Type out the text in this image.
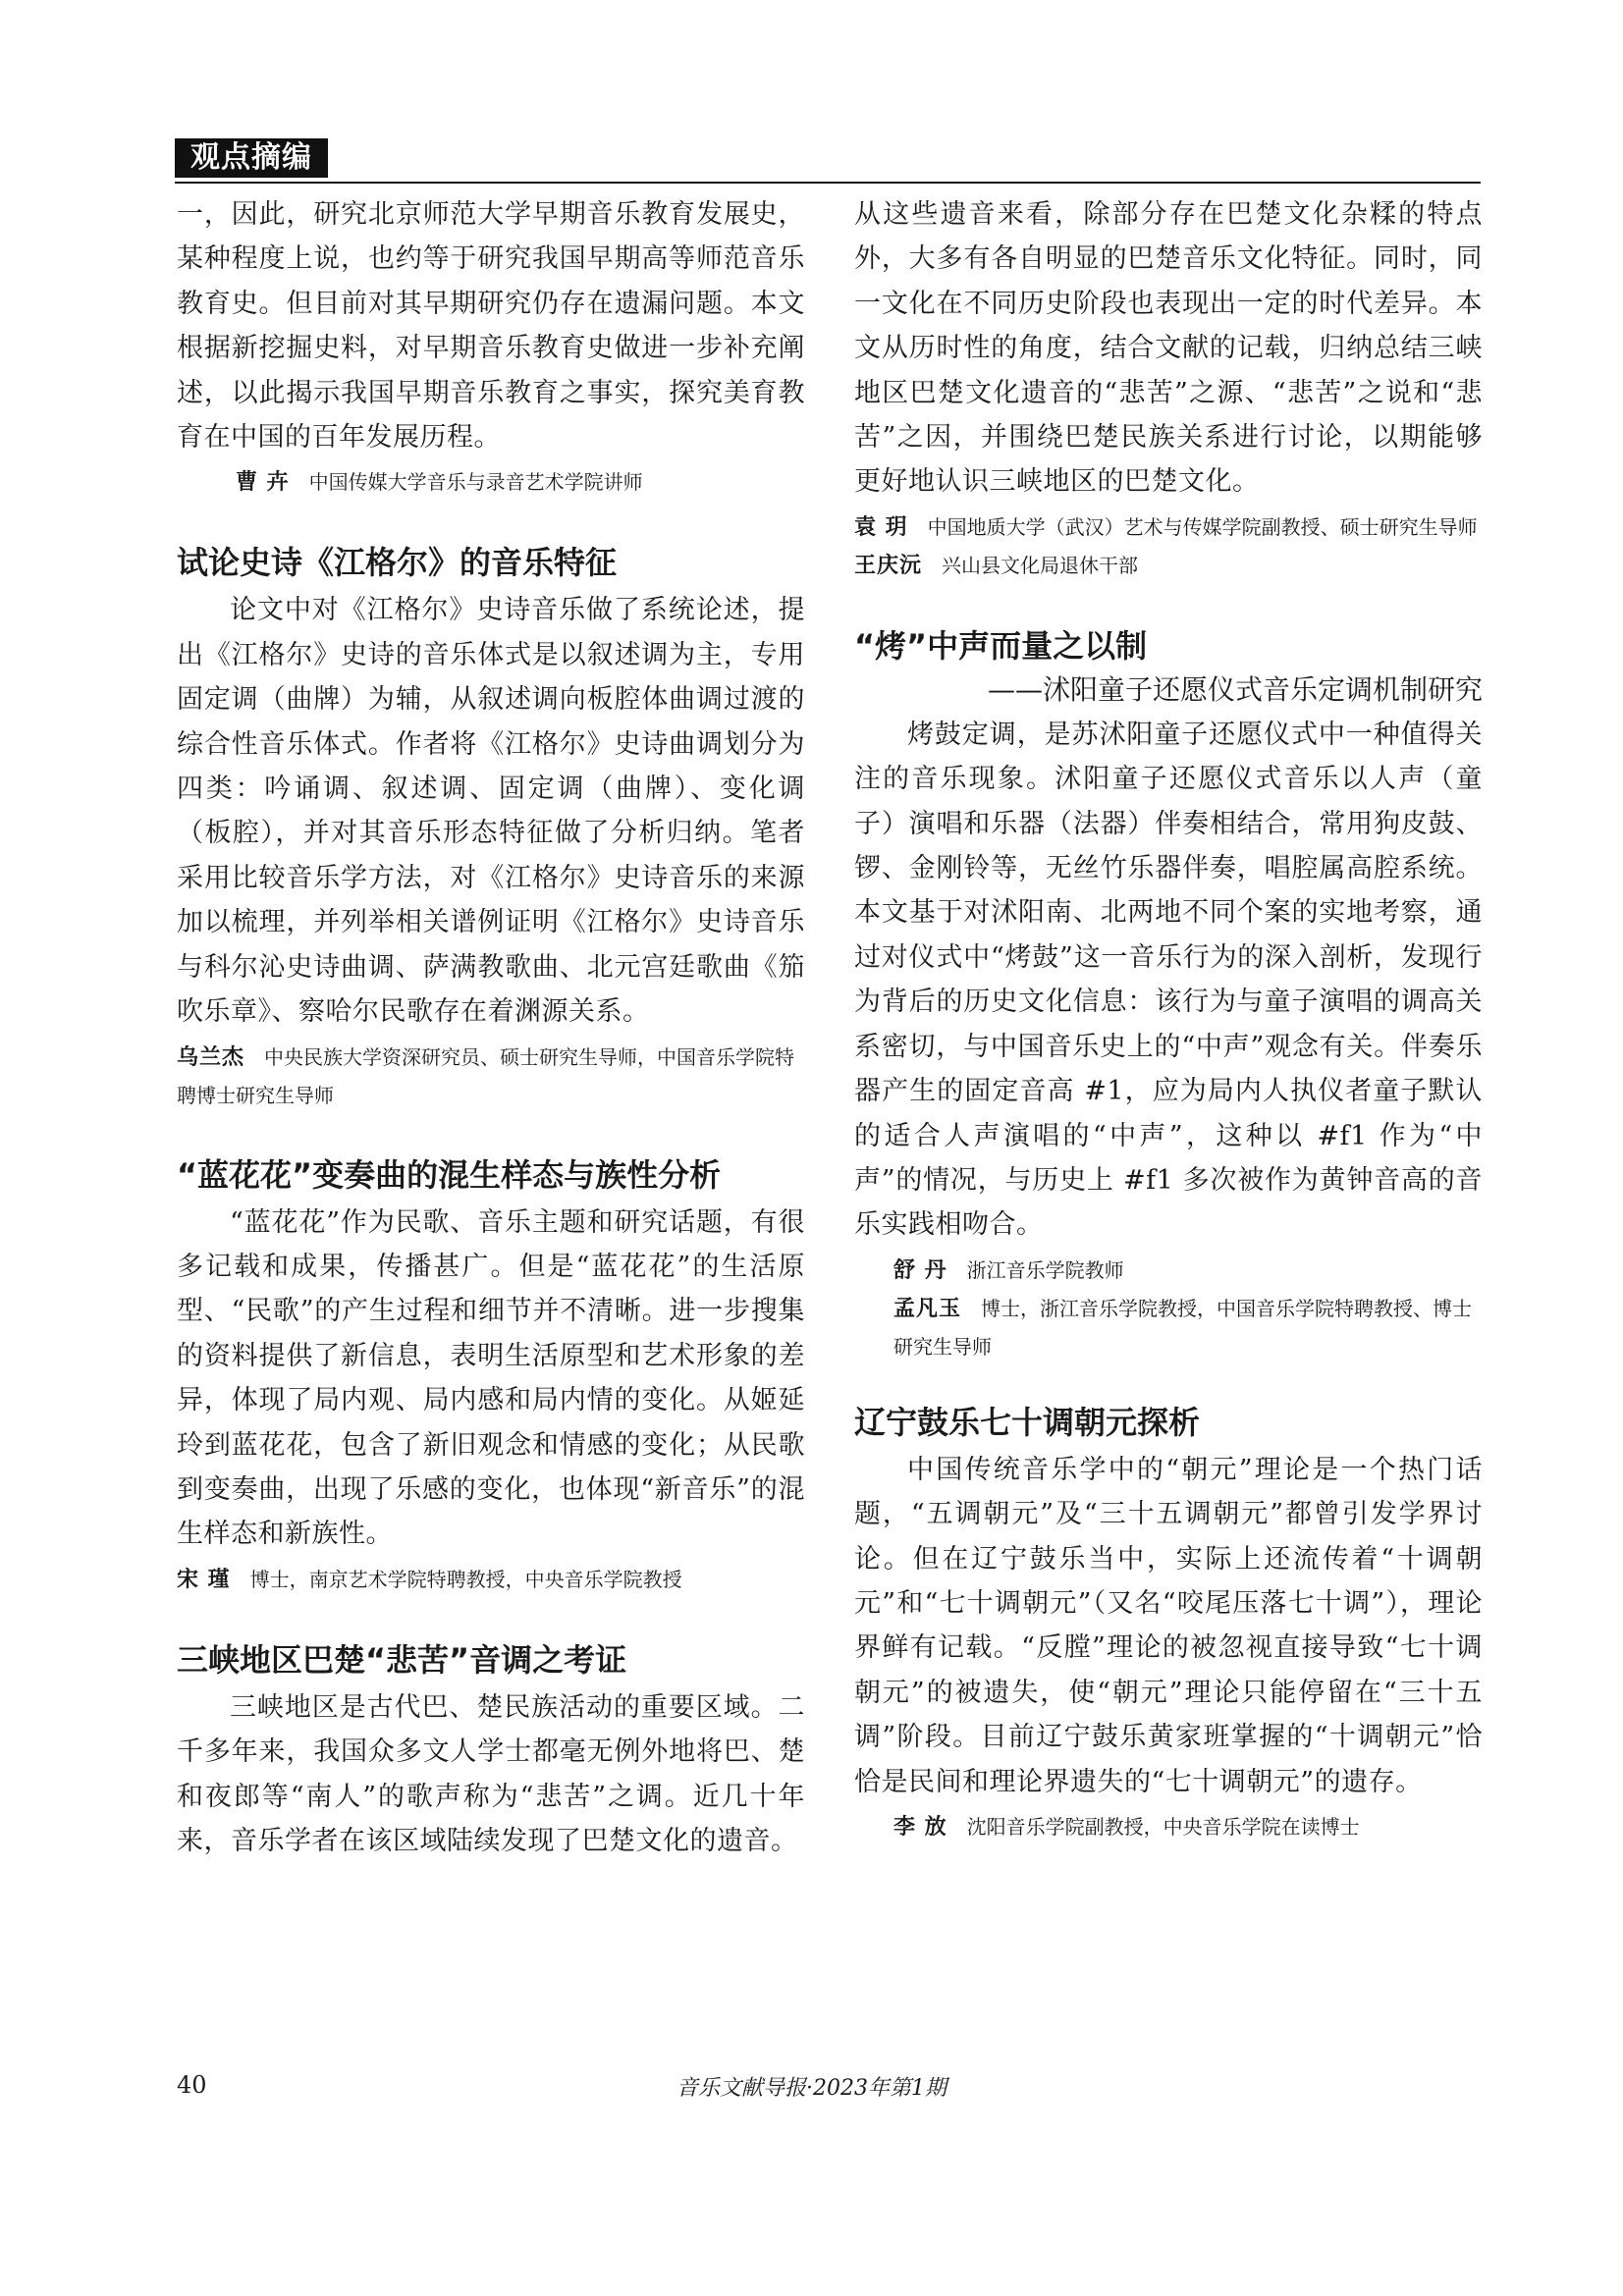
观点摘编

一，因此，研究北京师范大学早期音乐教育发展史，某种程度上说，也约等于研究我国早期高等师范音乐教育史。但目前对其早期研究仍存在遗漏问题。本文根据新挖掘史料，对早期音乐教育史做进一步补充阐述，以此揭示我国早期音乐教育之事实，探究美育教育在中国的百年发展历程。

曹 卉 中国传媒大学音乐与录音艺术学院讲师

试论史诗《江格尔》的音乐特征

论文中对《江格尔》史诗音乐做了系统论述，提出《江格尔》史诗的音乐体式是以叙述调为主，专用固定调（曲牌）为辅，从叙述调向板腔体曲调过渡的综合性音乐体式。作者将《江格尔》史诗曲调划分为四类：吟诵调、叙述调、固定调（曲牌）、变化调（板腔），并对其音乐形态特征做了分析归纳。笔者采用比较音乐学方法，对《江格尔》史诗音乐的来源加以梳理，并列举相关谱例证明《江格尔》史诗音乐与科尔沁史诗曲调、萨满教歌曲、北元宫廷歌曲《笳吹乐章》、察哈尔民歌存在着渊源关系。

乌兰杰 中央民族大学资深研究员、硕士研究生导师，中国音乐学院特聘博士研究生导师

“蓝花花”变奏曲的混生样态与族性分析

“蓝花花”作为民歌、音乐主题和研究话题，有很多记载和成果，传播甚广。但是“蓝花花”的生活原型、“民歌”的产生过程和细节并不清晰。进一步搜集的资料提供了新信息，表明生活原型和艺术形象的差异，体现了局内观、局内感和局内情的变化。从姬延玲到蓝花花，包含了新旧观念和情感的变化；从民歌到变奏曲，出现了乐感的变化，也体现“新音乐”的混生样态和新族性。

宋 瑾 博士，南京艺术学院特聘教授，中央音乐学院教授

三峡地区巴楚“悲苦”音调之考证

三峡地区是古代巴、楚民族活动的重要区域。二千多年来，我国众多文人学士都毫无例外地将巴、楚和夜郎等“南人”的歌声称为“悲苦”之调。近几十年来，音乐学者在该区域陆续发现了巴楚文化的遗音。

从这些遗音来看，除部分存在巴楚文化杂糅的特点外，大多有各自明显的巴楚音乐文化特征。同时，同一文化在不同历史阶段也表现出一定的时代差异。本文从历时性的角度，结合文献的记载，归纳总结三峡地区巴楚文化遗音的“悲苦”之源、“悲苦”之说和“悲苦”之因，并围绕巴楚民族关系进行讨论，以期能够更好地认识三峡地区的巴楚文化。

袁 玥 中国地质大学（武汉）艺术与传媒学院副教授、硕士研究生导师

王庆沅 兴山县文化局退休干部

“烤”中声而量之以制

——沭阳童子还愿仪式音乐定调机制研究

烤鼓定调，是苏沭阳童子还愿仪式中一种值得关注的音乐现象。沭阳童子还愿仪式音乐以人声（童子）演唱和乐器（法器）伴奏相结合，常用狗皮鼓、锣、金刚铃等，无丝竹乐器伴奏，唱腔属高腔系统。本文基于对沭阳南、北两地不同个案的实地考察，通过对仪式中“烤鼓”这一音乐行为的深入剖析，发现行为背后的历史文化信息：该行为与童子演唱的调高关系密切，与中国音乐史上的“中声”观念有关。伴奏乐器产生的固定音高 #1，应为局内人执仪者童子默认的适合人声演唱的“中声”，这种以 #f1 作为“中声”的情况，与历史上 #f1 多次被作为黄钟音高的音乐实践相吻合。

舒 丹 浙江音乐学院教师

孟凡玉 博士，浙江音乐学院教授，中国音乐学院特聘教授、博士研究生导师

辽宁鼓乐七十调朝元探析

中国传统音乐学中的“朝元”理论是一个热门话题，“五调朝元”及“三十五调朝元”都曾引发学界讨论。但在辽宁鼓乐当中，实际上还流传着“十调朝元”和“七十调朝元”（又名“咬尾压落七十调”），理论界鲜有记载。“反膛”理论的被忽视直接导致“七十调朝元”的被遗失，使“朝元”理论只能停留在“三十五调”阶段。目前辽宁鼓乐黄家班掌握的“十调朝元”恰恰是民间和理论界遗失的“七十调朝元”的遗存。

李 放 沈阳音乐学院副教授，中央音乐学院在读博士

40	音乐文献导报·2023年第1期
